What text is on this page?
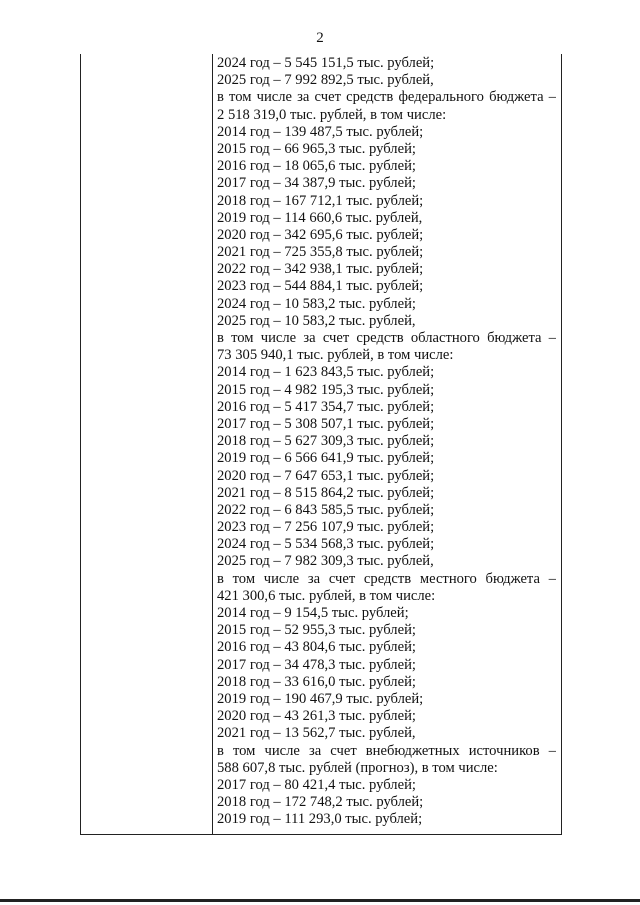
2
2024 год – 5 545 151,5 тыс. рублей;
2025 год – 7 992 892,5 тыс. рублей,
в том числе за счет средств федерального бюджета –
2 518 319,0 тыс. рублей, в том числе:
2014 год – 139 487,5 тыс. рублей;
2015 год – 66 965,3 тыс. рублей;
2016 год – 18 065,6 тыс. рублей;
2017 год – 34 387,9 тыс. рублей;
2018 год – 167 712,1 тыс. рублей;
2019 год – 114 660,6 тыс. рублей,
2020 год – 342 695,6 тыс. рублей;
2021 год – 725 355,8 тыс. рублей;
2022 год – 342 938,1 тыс. рублей;
2023 год – 544 884,1 тыс. рублей;
2024 год – 10 583,2 тыс. рублей;
2025 год – 10 583,2 тыс. рублей,
в том числе за счет средств областного бюджета –
73 305 940,1 тыс. рублей, в том числе:
2014 год – 1 623 843,5 тыс. рублей;
2015 год – 4 982 195,3 тыс. рублей;
2016 год – 5 417 354,7 тыс. рублей;
2017 год – 5 308 507,1 тыс. рублей;
2018 год – 5 627 309,3 тыс. рублей;
2019 год – 6 566 641,9 тыс. рублей;
2020 год – 7 647 653,1 тыс. рублей;
2021 год – 8 515 864,2 тыс. рублей;
2022 год – 6 843 585,5 тыс. рублей;
2023 год – 7 256 107,9 тыс. рублей;
2024 год – 5 534 568,3 тыс. рублей;
2025 год – 7 982 309,3 тыс. рублей,
в том числе за счет средств местного бюджета –
421 300,6 тыс. рублей, в том числе:
2014 год – 9 154,5 тыс. рублей;
2015 год – 52 955,3 тыс. рублей;
2016 год – 43 804,6 тыс. рублей;
2017 год – 34 478,3 тыс. рублей;
2018 год – 33 616,0 тыс. рублей;
2019 год – 190 467,9 тыс. рублей;
2020 год – 43 261,3 тыс. рублей;
2021 год – 13 562,7 тыс. рублей,
в том числе за счет внебюджетных источников –
588 607,8 тыс. рублей (прогноз), в том числе:
2017 год – 80 421,4 тыс. рублей;
2018 год – 172 748,2 тыс. рублей;
2019 год – 111 293,0 тыс. рублей;
